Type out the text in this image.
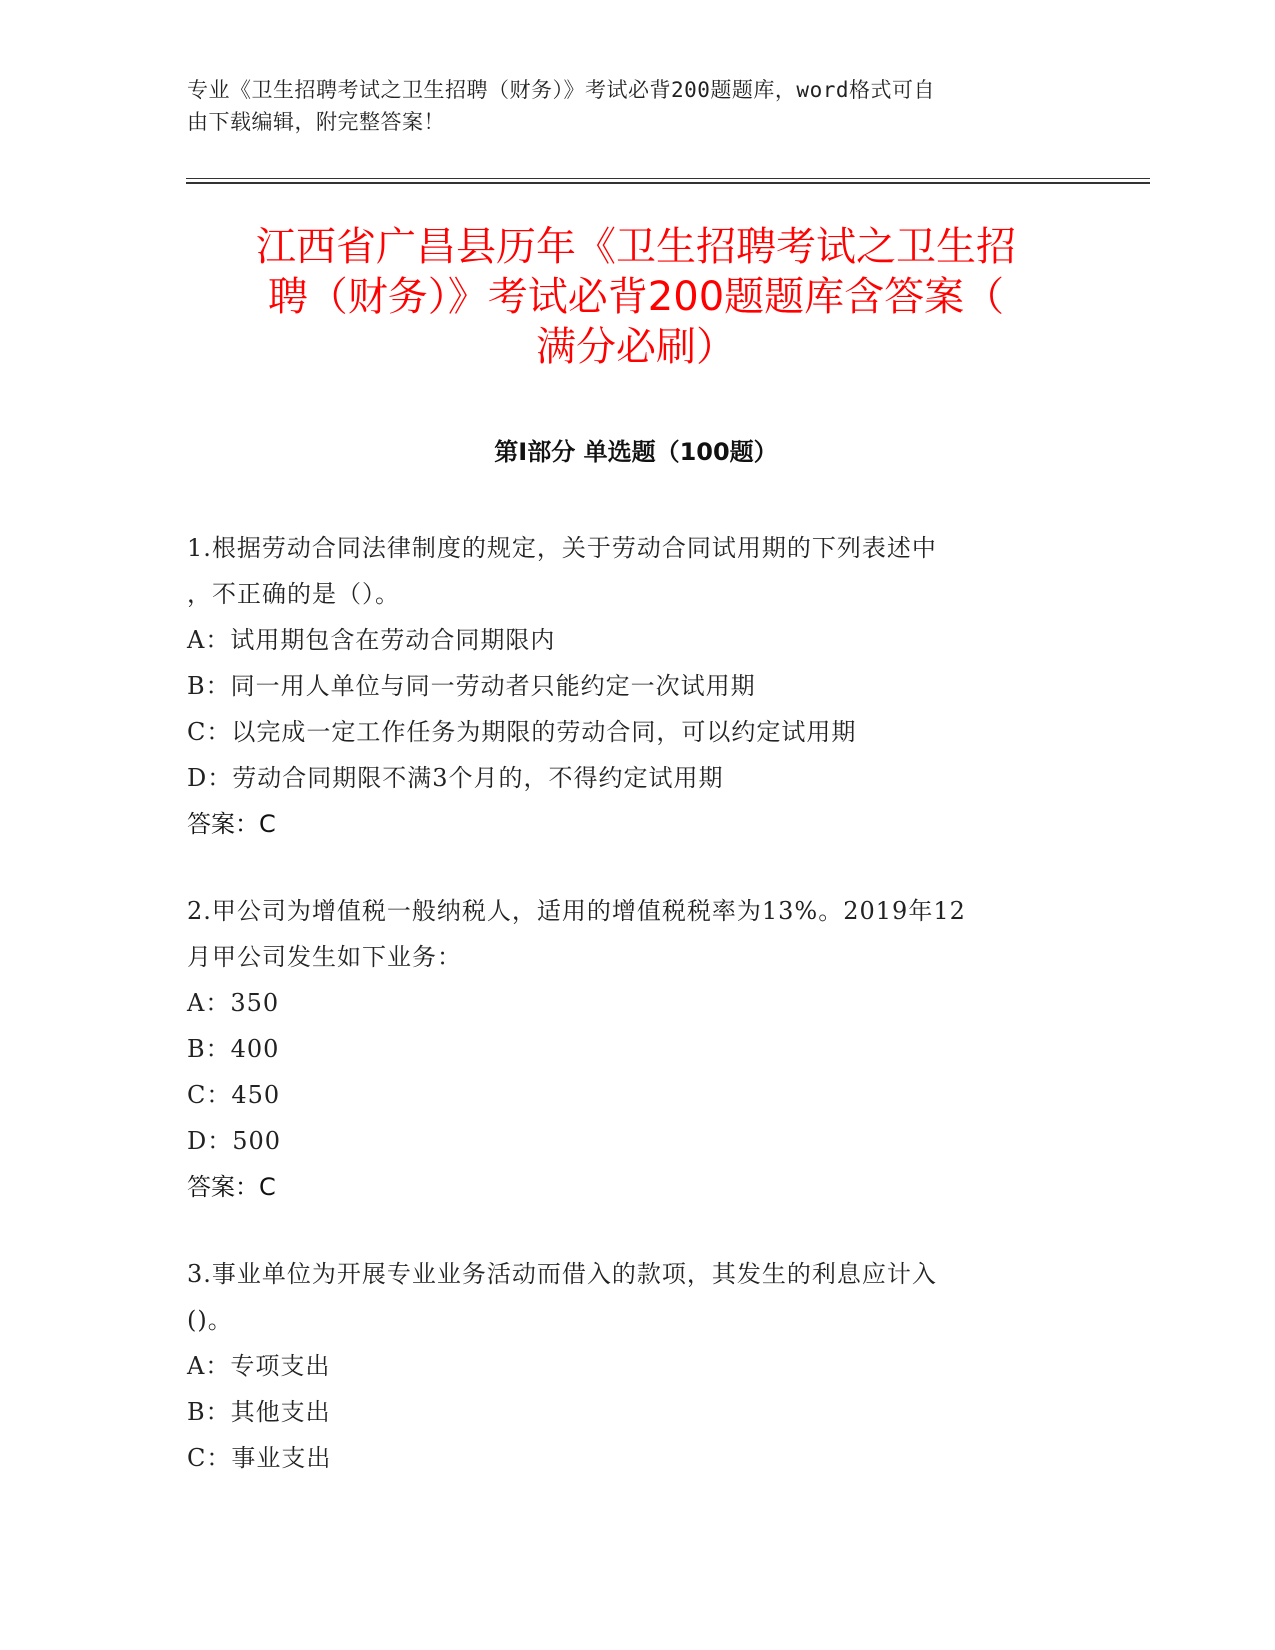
专业《卫生招聘考试之卫生招聘（财务）》考试必背200题题库，word格式可自
由下载编辑，附完整答案！
江西省广昌县历年《卫生招聘考试之卫生招
聘（财务）》考试必背200题题库含答案（
满分必刷）
第I部分 单选题（100题）
1.根据劳动合同法律制度的规定，关于劳动合同试用期的下列表述中
，不正确的是（）。
A：试用期包含在劳动合同期限内
B：同一用人单位与同一劳动者只能约定一次试用期
C：以完成一定工作任务为期限的劳动合同，可以约定试用期
D：劳动合同期限不满3个月的，不得约定试用期
答案：C
2.甲公司为增值税一般纳税人，适用的增值税税率为13%。2019年12
月甲公司发生如下业务：
A：350
B：400
C：450
D：500
答案：C
3.事业单位为开展专业业务活动而借入的款项，其发生的利息应计入
()。
A：专项支出
B：其他支出
C：事业支出
